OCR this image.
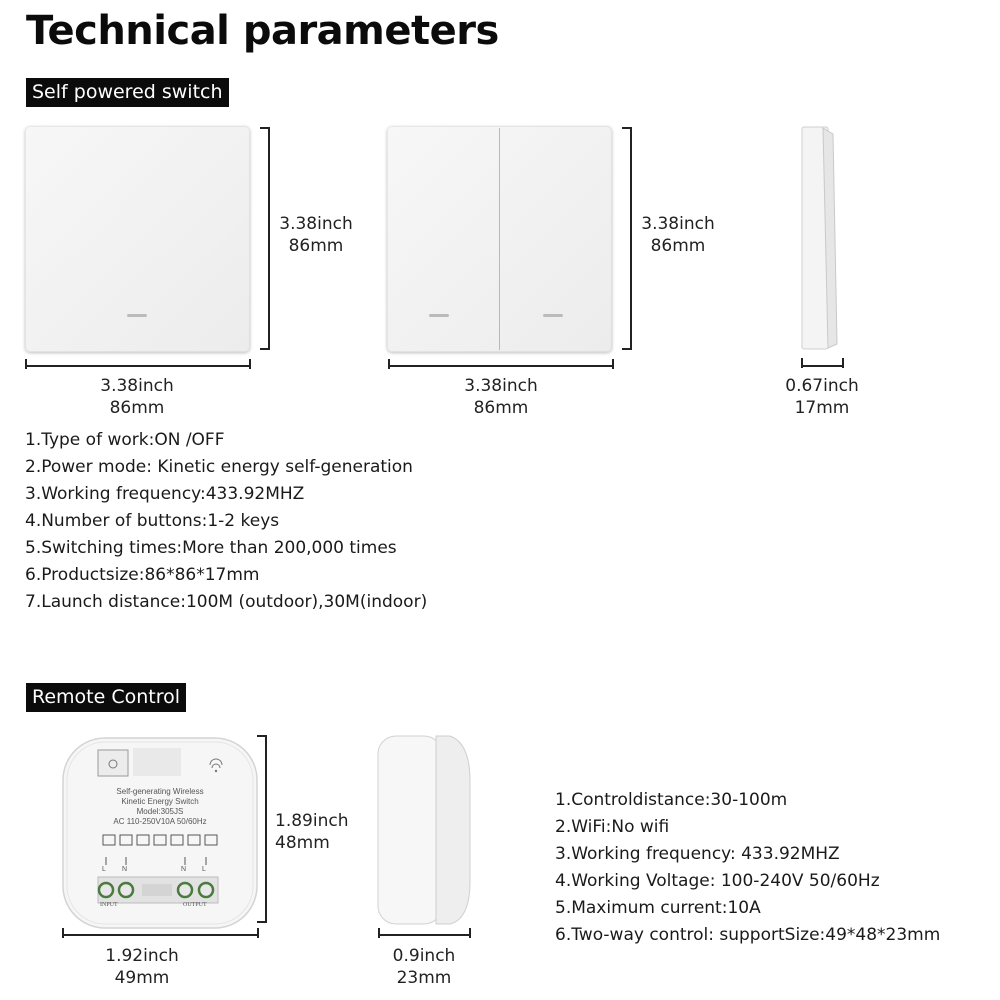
Technical parameters
Self powered switch
3.38inch
86mm
3.38inch
86mm
3.38inch
86mm
3.38inch
86mm
0.67inch
17mm
1.Type of work:ON /OFF
2.Power mode: Kinetic energy self-generation
3.Working frequency:433.92MHZ
4.Number of buttons:1-2 keys
5.Switching times:More than 200,000 times
6.Productsize:86*86*17mm
7.Launch distance:100M (outdoor),30M(indoor)
Remote Control
Self-generating Wireless
Kinetic Energy Switch
Model:305JS
AC 110-250V10A 50/60Hz
L N	N L
INPUT	OUTPUT
1.89inch
48mm
1.92inch
49mm
0.9inch
23mm
1.Controldistance:30-100m
2.WiFi:No wifi
3.Working frequency: 433.92MHZ
4.Working Voltage: 100-240V 50/60Hz
5.Maximum current:10A
6.Two-way control: supportSize:49*48*23mm
